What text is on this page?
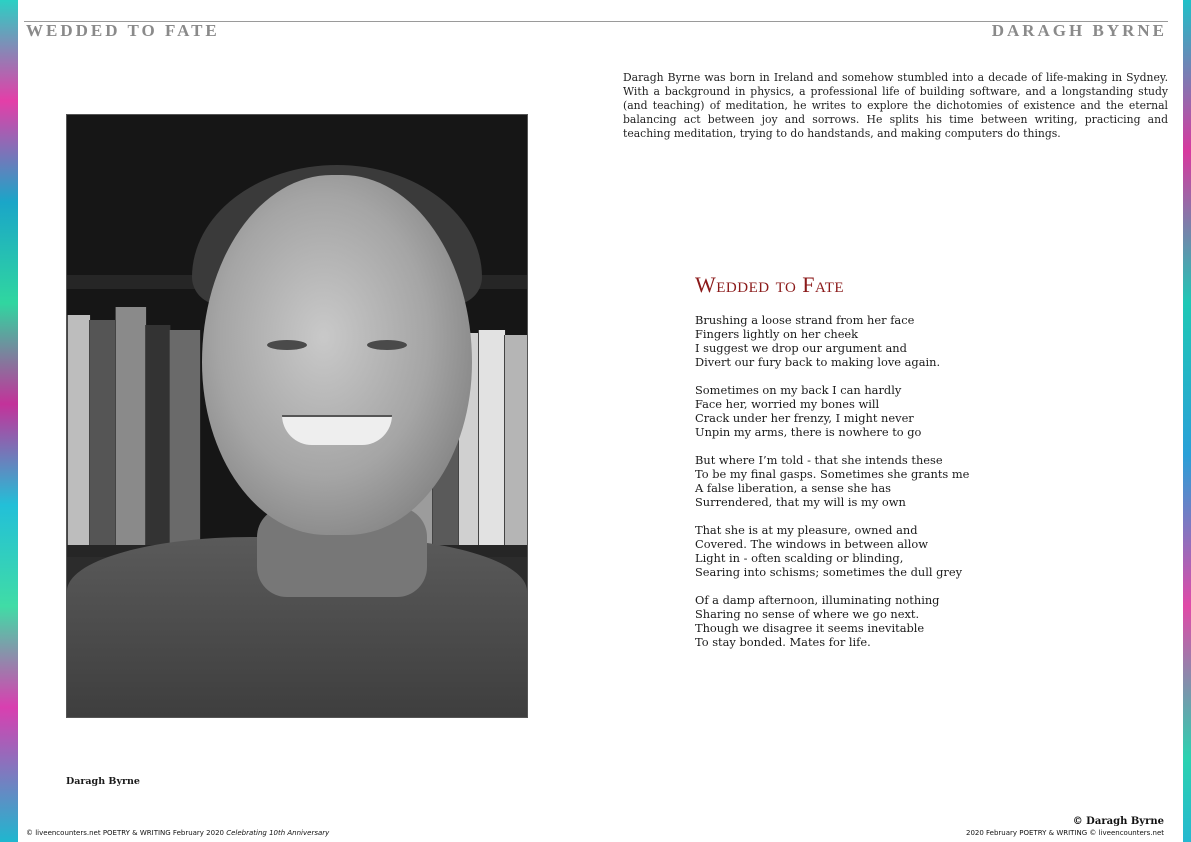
WEDDED TO FATE	DARAGH BYRNE
Daragh Byrne was born in Ireland and somehow stumbled into a decade of life-making in Sydney. With a background in physics, a professional life of building software, and a longstanding study (and teaching) of meditation, he writes to explore the dichotomies of existence and the eternal balancing act between joy and sorrows. He splits his time between writing, practicing and teaching meditation, trying to do handstands, and making computers do things.
Daragh Byrne
Wedded to Fate
Brushing a loose strand from her face
Fingers lightly on her cheek
I suggest we drop our argument and
Divert our fury back to making love again.
Sometimes on my back I can hardly
Face her, worried my bones will
Crack under her frenzy, I might never
Unpin my arms, there is nowhere to go
But where I’m told - that she intends these
To be my final gasps. Sometimes she grants me
A false liberation, a sense she has
Surrendered, that my will is my own
That she is at my pleasure, owned and
Covered. The windows in between allow
Light in - often scalding or blinding,
Searing into schisms; sometimes the dull grey
Of a damp afternoon, illuminating nothing
Sharing no sense of where we go next.
Though we disagree it seems inevitable
To stay bonded. Mates for life.
© liveencounters.net POETRY & WRITING February 2020 Celebrating 10th Anniversary
© Daragh Byrne
2020 February POETRY & WRITING © liveencounters.net
